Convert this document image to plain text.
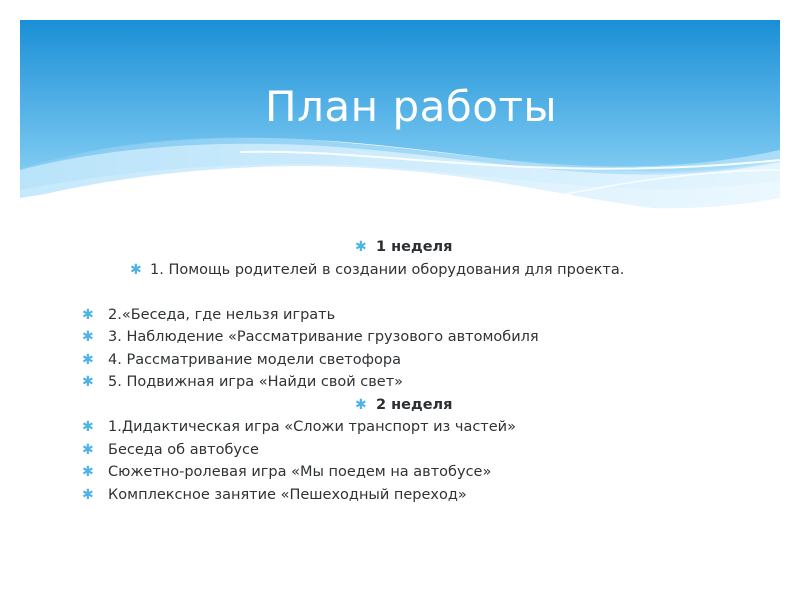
План работы
✱ 1 неделя
✱ 1. Помощь родителей в создании оборудования для проекта.
✱ 2.«Беседа, где нельзя играть
✱ 3. Наблюдение «Рассматривание грузового автомобиля
✱ 4. Рассматривание модели светофора
✱ 5. Подвижная игра «Найди свой свет»
✱ 2 неделя
✱ 1.Дидактическая игра «Сложи транспорт из частей»
✱ Беседа об автобусе
✱ Сюжетно-ролевая игра «Мы поедем на автобусе»
✱ Комплексное занятие «Пешеходный переход»
